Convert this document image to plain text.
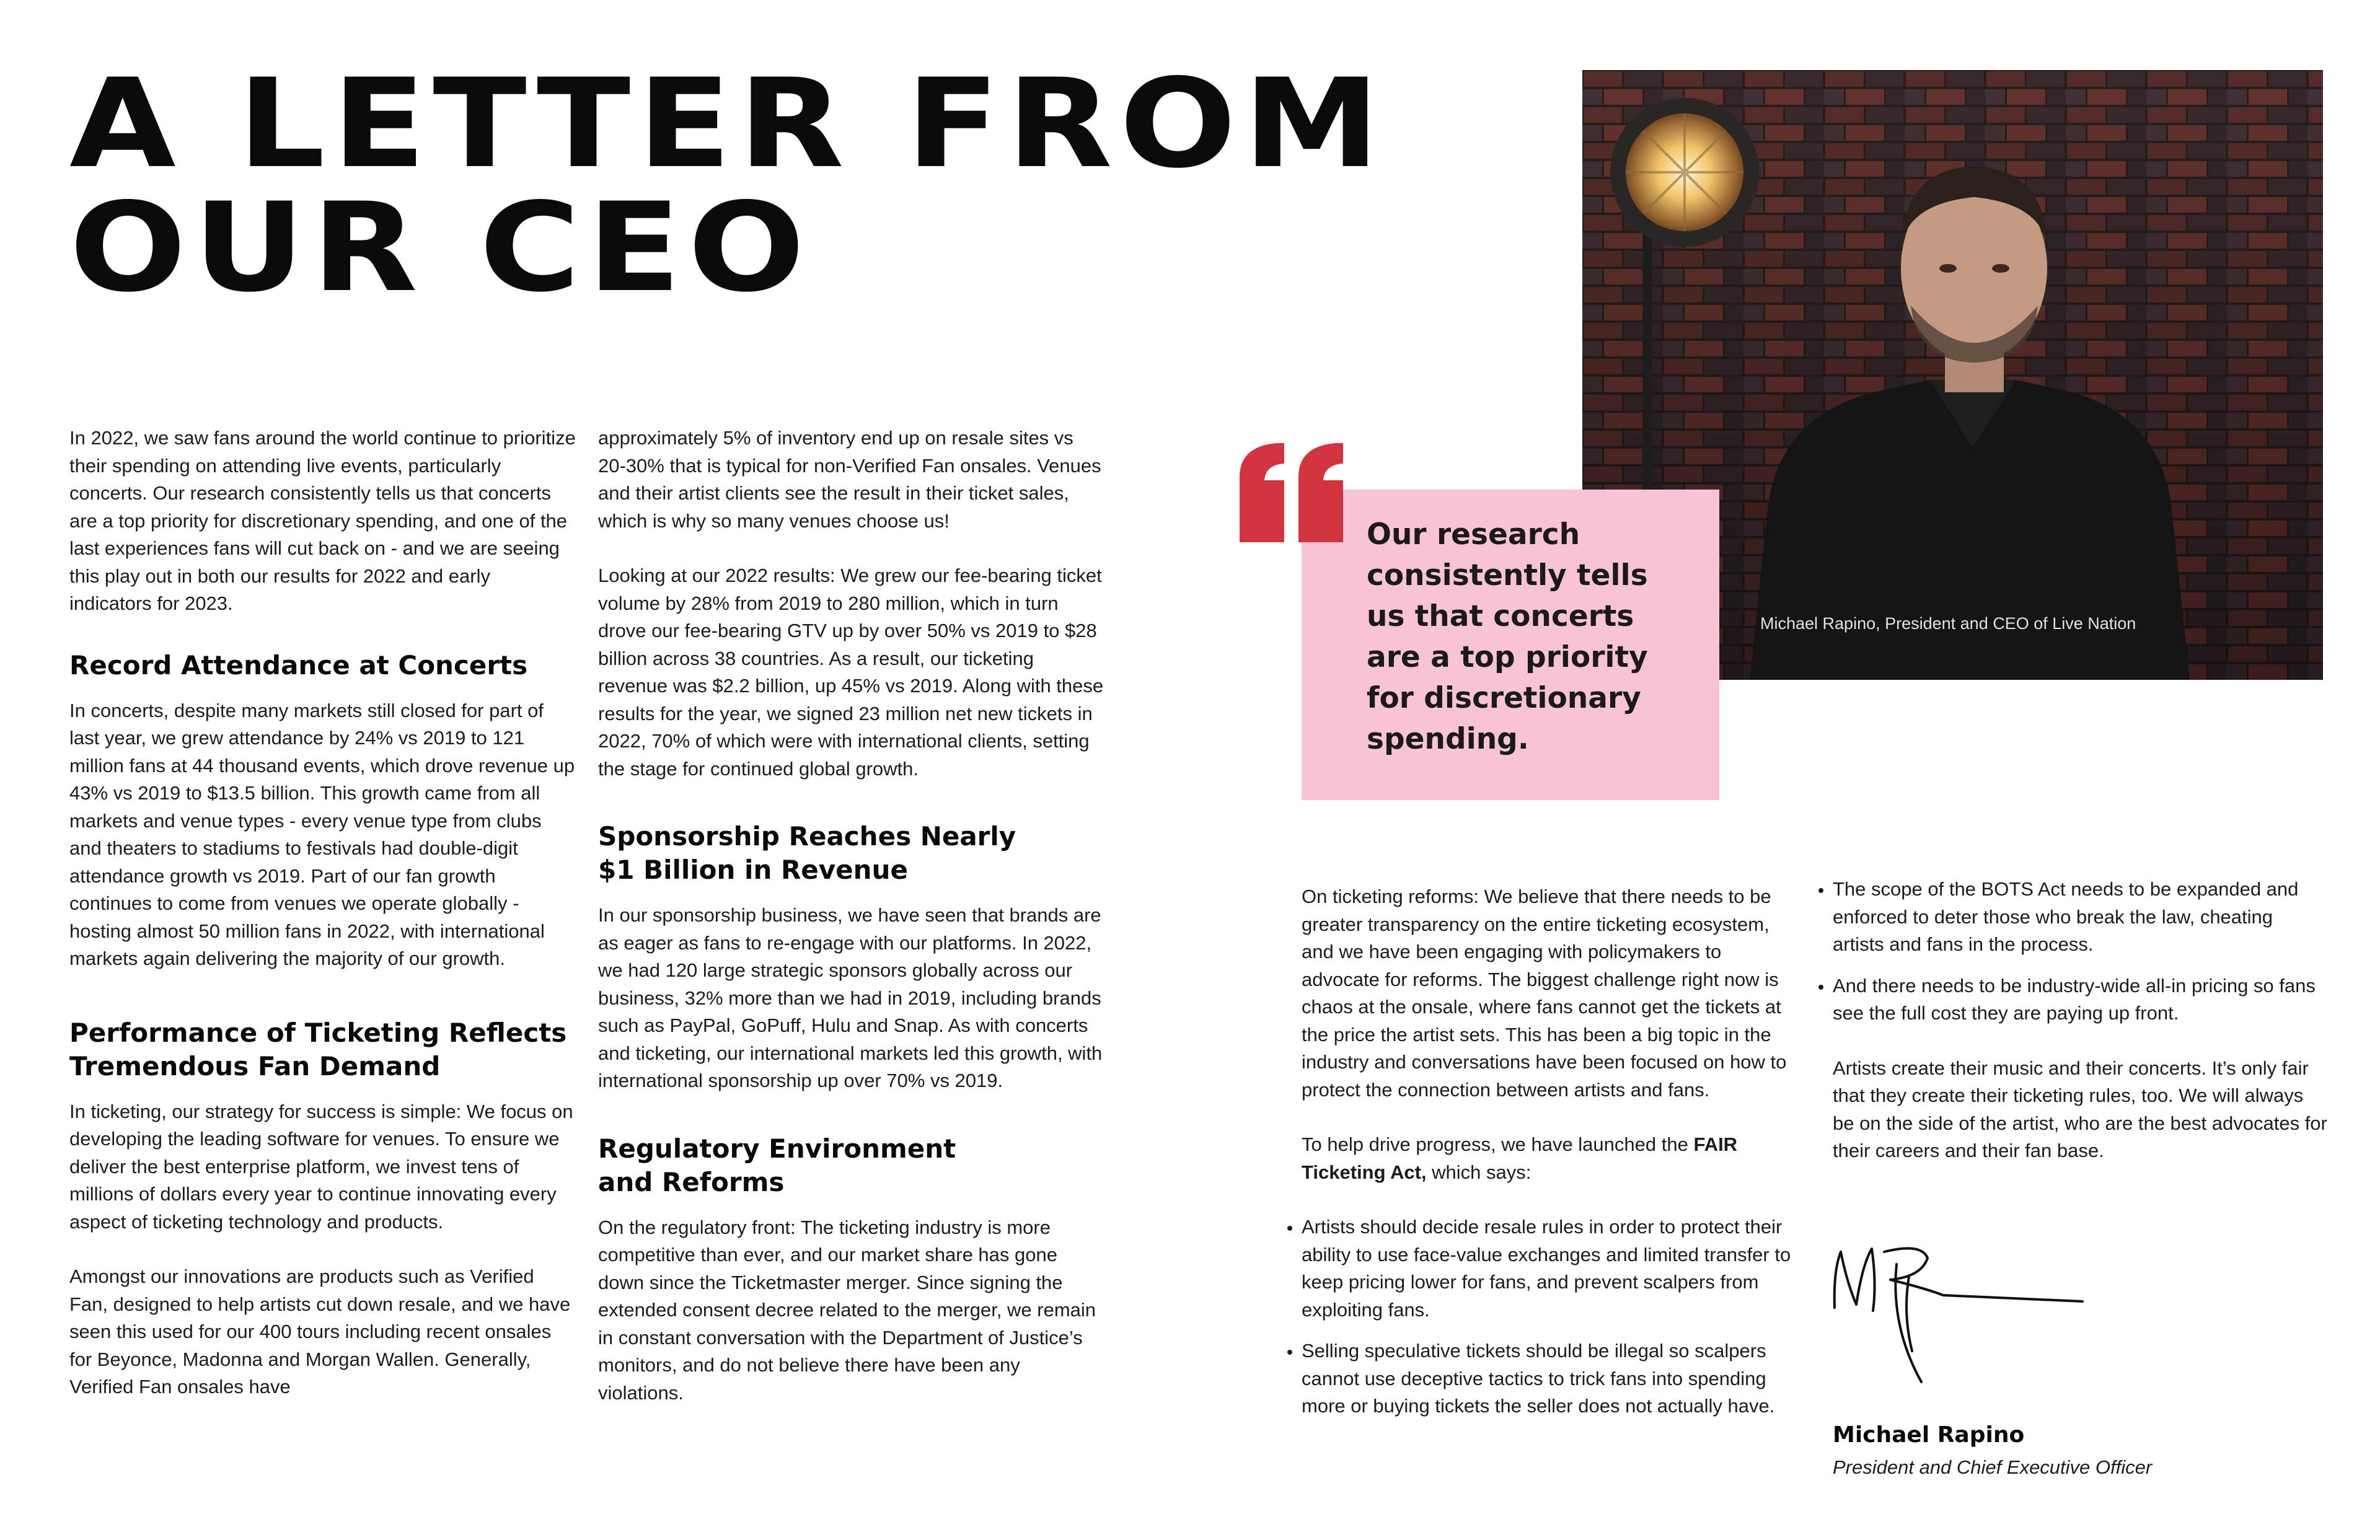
A LETTER FROM
OUR CEO

In 2022, we saw fans around the world continue to prioritize their spending on attending live events, particularly concerts. Our research consistently tells us that concerts are a top priority for discretionary spending, and one of the last experiences fans will cut back on - and we are seeing this play out in both our results for 2022 and early indicators for 2023.

Record Attendance at Concerts

In concerts, despite many markets still closed for part of last year, we grew attendance by 24% vs 2019 to 121 million fans at 44 thousand events, which drove revenue up 43% vs 2019 to $13.5 billion. This growth came from all markets and venue types - every venue type from clubs and theaters to stadiums to festivals had double-digit attendance growth vs 2019. Part of our fan growth continues to come from venues we operate globally - hosting almost 50 million fans in 2022, with international markets again delivering the majority of our growth.

Performance of Ticketing Reflects
Tremendous Fan Demand

In ticketing, our strategy for success is simple: We focus on developing the leading software for venues. To ensure we deliver the best enterprise platform, we invest tens of millions of dollars every year to continue innovating every aspect of ticketing technology and products.

Amongst our innovations are products such as Verified Fan, designed to help artists cut down resale, and we have seen this used for our 400 tours including recent onsales for Beyonce, Madonna and Morgan Wallen. Generally, Verified Fan onsales have

approximately 5% of inventory end up on resale sites vs 20-30% that is typical for non-Verified Fan onsales. Venues and their artist clients see the result in their ticket sales, which is why so many venues choose us!

Looking at our 2022 results: We grew our fee-bearing ticket volume by 28% from 2019 to 280 million, which in turn drove our fee-bearing GTV up by over 50% vs 2019 to $28 billion across 38 countries. As a result, our ticketing revenue was $2.2 billion, up 45% vs 2019. Along with these results for the year, we signed 23 million net new tickets in 2022, 70% of which were with international clients, setting the stage for continued global growth.

Sponsorship Reaches Nearly
$1 Billion in Revenue

In our sponsorship business, we have seen that brands are as eager as fans to re-engage with our platforms. In 2022, we had 120 large strategic sponsors globally across our business, 32% more than we had in 2019, including brands such as PayPal, GoPuff, Hulu and Snap. As with concerts and ticketing, our international markets led this growth, with international sponsorship up over 70% vs 2019.

Regulatory Environment
and Reforms

On the regulatory front: The ticketing industry is more competitive than ever, and our market share has gone down since the Ticketmaster merger. Since signing the extended consent decree related to the merger, we remain in constant conversation with the Department of Justice’s monitors, and do not believe there have been any violations.

Michael Rapino, President and CEO of Live Nation

Our research consistently tells us that concerts are a top priority for discretionary spending.

On ticketing reforms: We believe that there needs to be greater transparency on the entire ticketing ecosystem, and we have been engaging with policymakers to advocate for reforms. The biggest challenge right now is chaos at the onsale, where fans cannot get the tickets at the price the artist sets. This has been a big topic in the industry and conversations have been focused on how to protect the connection between artists and fans.

To help drive progress, we have launched the FAIR Ticketing Act, which says:

• Artists should decide resale rules in order to protect their ability to use face-value exchanges and limited transfer to keep pricing lower for fans, and prevent scalpers from exploiting fans.
• Selling speculative tickets should be illegal so scalpers cannot use deceptive tactics to trick fans into spending more or buying tickets the seller does not actually have.
• The scope of the BOTS Act needs to be expanded and enforced to deter those who break the law, cheating artists and fans in the process.
• And there needs to be industry-wide all-in pricing so fans see the full cost they are paying up front.

Artists create their music and their concerts. It’s only fair that they create their ticketing rules, too. We will always be on the side of the artist, who are the best advocates for their careers and their fan base.

Michael Rapino
President and Chief Executive Officer
